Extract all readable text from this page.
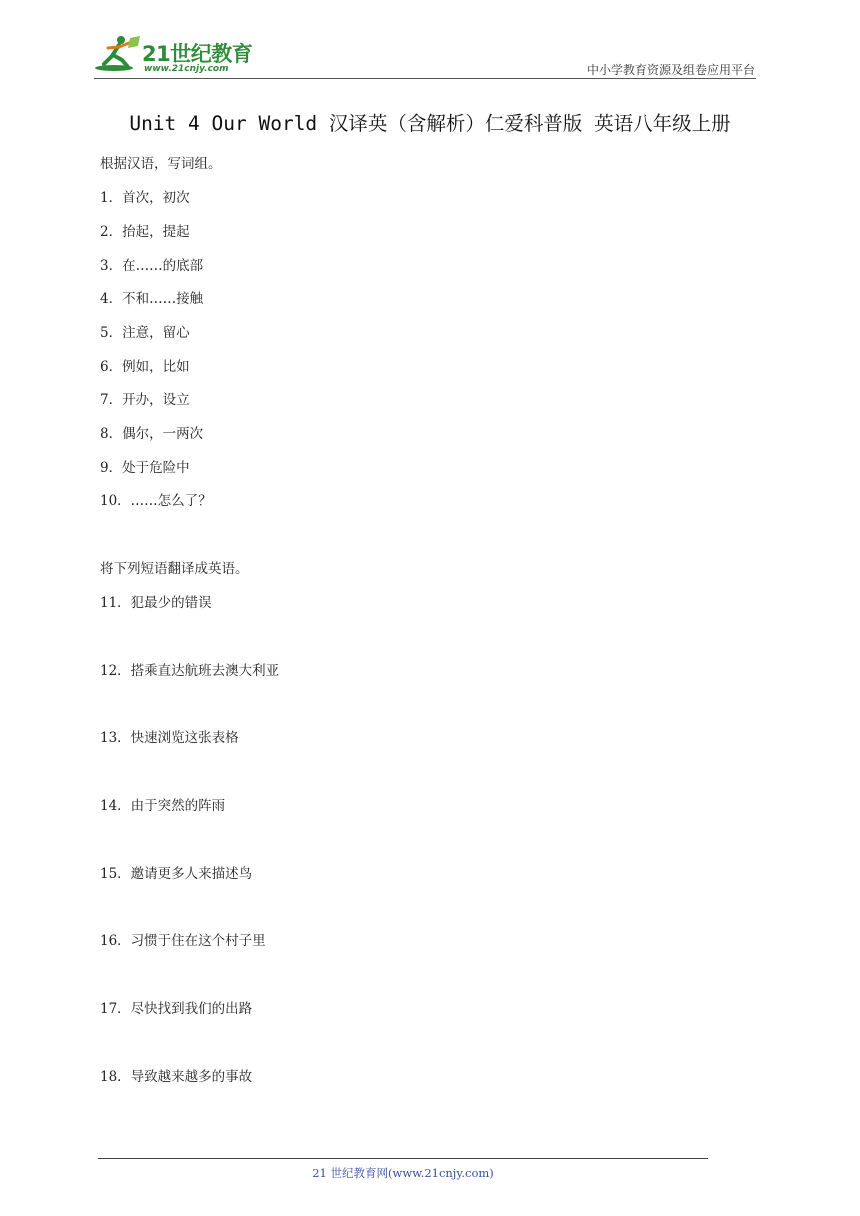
21世纪教育
www.21cnjy.com	中小学教育资源及组卷应用平台
Unit 4 Our World 汉译英（含解析）仁爱科普版 英语八年级上册
根据汉语，写词组。
1．首次，初次
2．抬起，提起
3．在……的底部
4．不和……接触
5．注意，留心
6．例如，比如
7．开办，设立
8．偶尔，一两次
9．处于危险中
10．……怎么了？
将下列短语翻译成英语。
11．犯最少的错误
12．搭乘直达航班去澳大利亚
13．快速浏览这张表格
14．由于突然的阵雨
15．邀请更多人来描述鸟
16．习惯于住在这个村子里
17．尽快找到我们的出路
18．导致越来越多的事故
21 世纪教育网(www.21cnjy.com)
